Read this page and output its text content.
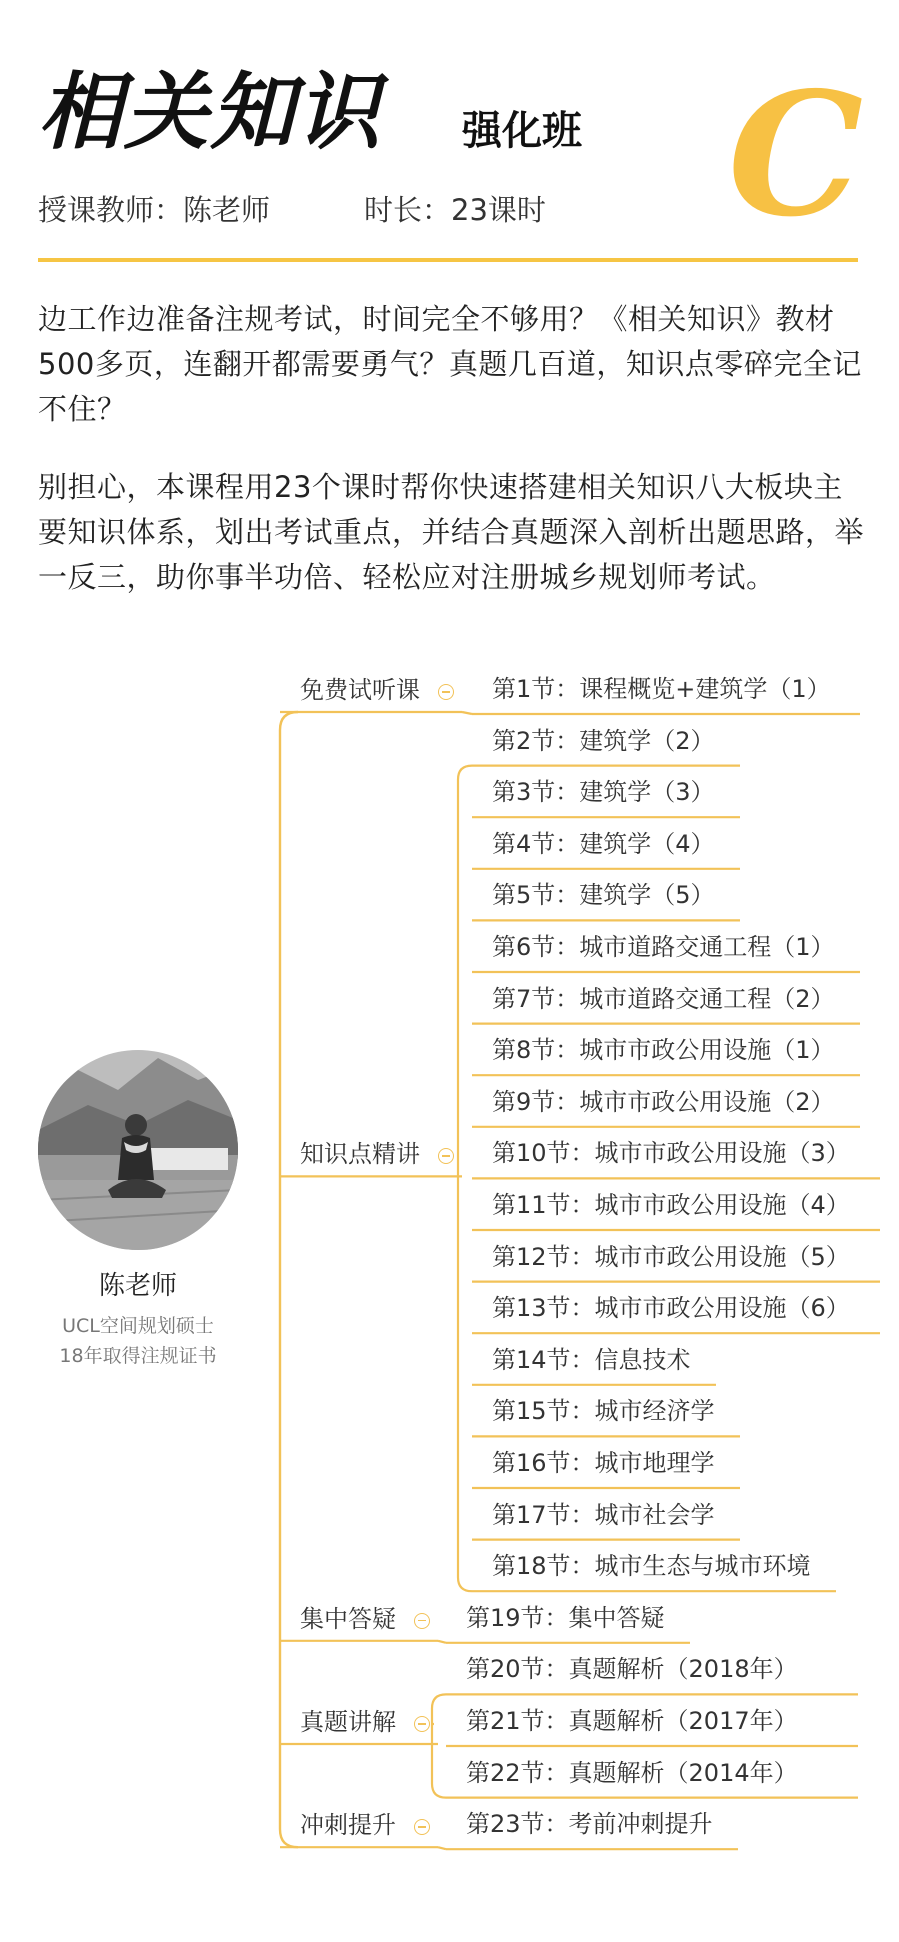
相关知识 强化班 C
授课教师：陈老师	时长：23课时
边工作边准备注规考试，时间完全不够用？《相关知识》教材500多页，连翻开都需要勇气？真题几百道，知识点零碎完全记不住？
别担心，本课程用23个课时帮你快速搭建相关知识八大板块主要知识体系，划出考试重点，并结合真题深入剖析出题思路，举一反三，助你事半功倍、轻松应对注册城乡规划师考试。
陈老师
UCL空间规划硕士
18年取得注规证书
免费试听课	第1节：课程概览+建筑学（1）
知识点精讲
第2节：建筑学（2）
第3节：建筑学（3）
第4节：建筑学（4）
第5节：建筑学（5）
第6节：城市道路交通工程（1）
第7节：城市道路交通工程（2）
第8节：城市市政公用设施（1）
第9节：城市市政公用设施（2）
第10节：城市市政公用设施（3）
第11节：城市市政公用设施（4）
第12节：城市市政公用设施（5）
第13节：城市市政公用设施（6）
第14节：信息技术
第15节：城市经济学
第16节：城市地理学
第17节：城市社会学
第18节：城市生态与城市环境
集中答疑	第19节：集中答疑
真题讲解
第20节：真题解析（2018年）
第21节：真题解析（2017年）
第22节：真题解析（2014年）
冲刺提升	第23节：考前冲刺提升
